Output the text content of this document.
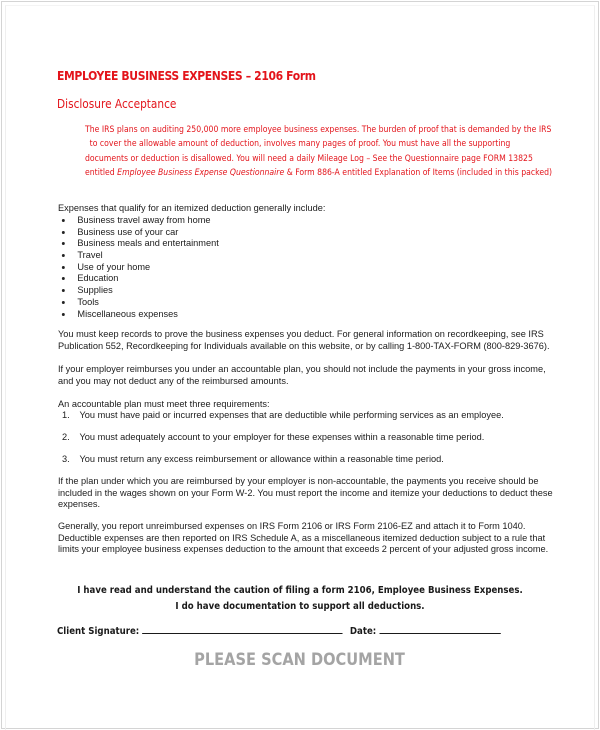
EMPLOYEE BUSINESS EXPENSES – 2106 Form
Disclosure Acceptance
The IRS plans on auditing 250,000 more employee business expenses. The burden of proof that is demanded by the IRS
to cover the allowable amount of deduction, involves many pages of proof. You must have all the supporting
documents or deduction is disallowed. You will need a daily Mileage Log – See the Questionnaire page FORM 13825
entitled Employee Business Expense Questionnaire & Form 886-A entitled Explanation of Items (included in this packed)
Expenses that qualify for an itemized deduction generally include:
Business travel away from home
Business use of your car
Business meals and entertainment
Travel
Use of your home
Education
Supplies
Tools
Miscellaneous expenses
You must keep records to prove the business expenses you deduct. For general information on recordkeeping, see IRS
Publication 552, Recordkeeping for Individuals available on this website, or by calling 1-800-TAX-FORM (800-829-3676).
If your employer reimburses you under an accountable plan, you should not include the payments in your gross income,
and you may not deduct any of the reimbursed amounts.
An accountable plan must meet three requirements:
1. You must have paid or incurred expenses that are deductible while performing services as an employee.
2. You must adequately account to your employer for these expenses within a reasonable time period.
3. You must return any excess reimbursement or allowance within a reasonable time period.
If the plan under which you are reimbursed by your employer is non-accountable, the payments you receive should be
included in the wages shown on your Form W-2. You must report the income and itemize your deductions to deduct these
expenses.
Generally, you report unreimbursed expenses on IRS Form 2106 or IRS Form 2106-EZ and attach it to Form 1040.
Deductible expenses are then reported on IRS Schedule A, as a miscellaneous itemized deduction subject to a rule that
limits your employee business expenses deduction to the amount that exceeds 2 percent of your adjusted gross income.
I have read and understand the caution of filing a form 2106, Employee Business Expenses.
I do have documentation to support all deductions.
Client Signature:	Date:
PLEASE SCAN DOCUMENT
